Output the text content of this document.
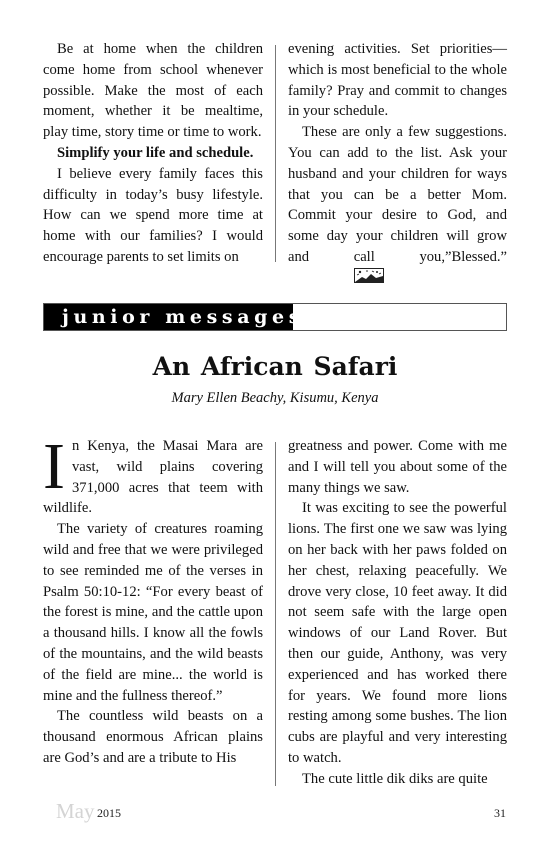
Be at home when the children come home from school whenever possible. Make the most of each moment, whether it be mealtime, play time, story time or time to work.

Simplify your life and schedule.

I believe every family faces this difficulty in today’s busy lifestyle. How can we spend more time at home with our families? I would encourage parents to set limits on

evening activities. Set priorities—which is most beneficial to the whole family? Pray and commit to changes in your schedule.

These are only a few suggestions. You can add to the list. Ask your husband and your children for ways that you can be a better Mom. Commit your desire to God, and some day your children will grow and call you,”Blessed.”

junior messages
An African Safari
Mary Ellen Beachy, Kisumu, Kenya

In Kenya, the Masai Mara are vast, wild plains covering 371,000 acres that teem with wildlife.

The variety of creatures roaming wild and free that we were privileged to see reminded me of the verses in Psalm 50:10-12: “For every beast of the forest is mine, and the cattle upon a thousand hills. I know all the fowls of the mountains, and the wild beasts of the field are mine... the world is mine and the fullness thereof.”

The countless wild beasts on a thousand enormous African plains are God’s and are a tribute to His

greatness and power. Come with me and I will tell you about some of the many things we saw.

It was exciting to see the powerful lions. The first one we saw was lying on her back with her paws folded on her chest, relaxing peacefully. We drove very close, 10 feet away. It did not seem safe with the large open windows of our Land Rover. But then our guide, Anthony, was very experienced and has worked there for years. We found more lions resting among some bushes. The lion cubs are playful and very interesting to watch.

The cute little dik diks are quite

May 2015	31
